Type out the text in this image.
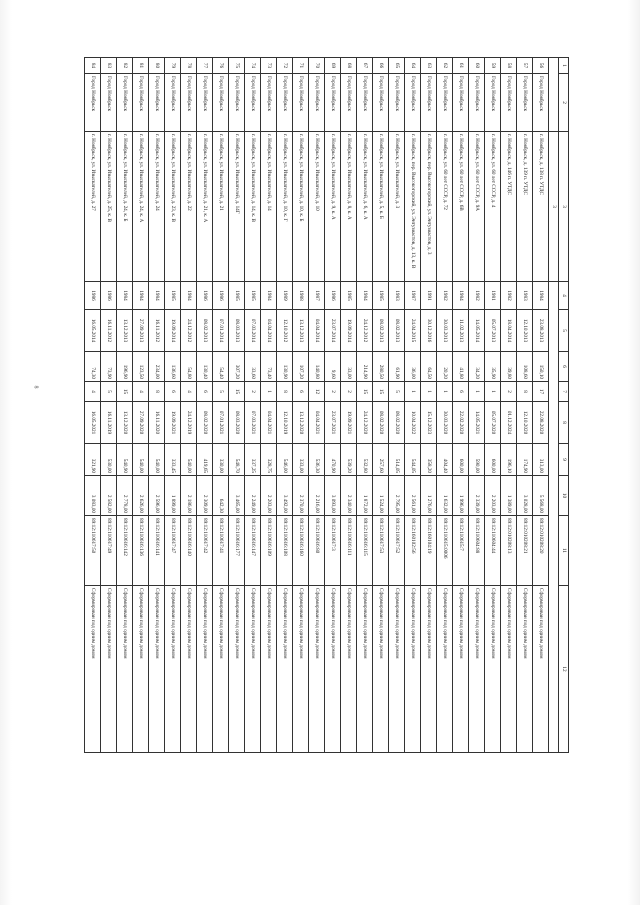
8
1	2	3	4	5	6	7	8	9	10	11	12
		3									
56	Город Ноябрьск	г. Ноябрьск, д. 138 п. УТДС	1984	23.08.2013	150,10	17	22.08.2020	313,00	5 568,00	89:12:010208:20	Сформирован под одним домом
57	Город Ноябрьск	г. Ноябрьск, д. 139 п. УТДС	1983	12.10.2013	108,60	8	12.10.2020	174,90	3 028,00	89:12:010208:21	Сформирован под одним домом
58	Город Ноябрьск	г. Ноябрьск, д. 146 п. УТДС	1982	18.04.2014	39,80	2	01.12.2024	196,10	1 389,00	89:12:010208:13	Сформирован под одним домом
59	Город Ноябрьск	г. Ноябрьск, ул. 60 лет СССР, д. 4	1981	05.07.2013	35,90	1	05.07.2020	600,00	2 203,00	89:12:110604:44	Сформирован под одним домом
60	Город Ноябрьск	г. Ноябрьск, ул. 60 лет СССР, д. 9А	1982	14.05.2014	34,20	1	14.05.2021	590,00	2 339,00	89:12:110604:88	Сформирован под одним домом
61	Город Ноябрьск	г. Ноябрьск, ул. 60 лет СССР, д. 6В	1984	11.02.2013	41,80	6	22.02.2020	600,00	1 996,00	89:12:110615:7	Сформирован под одним домом
62	Город Ноябрьск	г. Ноябрьск, ул. 60 лет СССР, д. 72	1982	30.03.2013	20,20	1	30.03.2020	404,40	1 632,00	89:12:110615:0006	Сформирован под одним домом
63	Город Ноябрьск	г. Ноябрьск, пер. Высокогорский, ул. Энтузиастов, д. 3	1991	30.12.2016	64,50	1	15.12.2023	358,20	1 276,00	89:12:160104:19	Сформирован под одним домом
64	Город Ноябрьск	г. Ноябрьск, пер. Высокогорский, ул. Энтузиастов, д. 13, к. В	1987	24.04.2015	36,00	1	10.04.2022	544,05	2 561,00	89:12:160102:56	Сформирован под одним домом
65	Город Ноябрьск	г. Ноябрьск, ул. Изыскателей, д. 3	1983	08.02.2013	61,90	5	08.02.2020	514,05	2 795,00	89:12:110617:52	Сформирован под одним домом
66	Город Ноябрьск	г. Ноябрьск, ул. Изыскателей, д. 5, к. Б	1985	08.02.2013	280,50	15	08.02.2020	257,60	1 524,00	89:12:110617:53	Сформирован под одним домом
67	Город Ноябрьск	г. Ноябрьск, ул. Изыскателей, д. 6, к. А	1984	24.12.2012	214,90	15	24.12.2020	532,80	1 872,00	89:12:110616:115	Сформирован под одним домом
68	Город Ноябрьск	г. Ноябрьск, ул. Изыскателей, д. 8, к. А	1985	19.09.2014	33,00	2	19.09.2021	539,20	2 340,00	89:12:110616:111	Сформирован под одним домом
69	Город Ноябрьск	г. Ноябрьск, ул. Изыскателей, д. 9, к. А	1986	23.07.2014	9,60	2	23.07.2021	470,90	3 093,00	89:12:110617:3	Сформирован под одним домом
70	Город Ноябрьск	г. Ноябрьск, ул. Изыскателей, д. 10	1987	04.04.2014	140,80	12	04.04.2021	536,30	2 216,00	89:12:110616:80	Сформирован под одним домом
71	Город Ноябрьск	г. Ноябрьск, ул. Изыскателей, д. 10, к. Б	1988	13.12.2013	107,20	6	13.12.2020	333,00	2 370,00	89:12:110616:160	Сформирован под одним домом
72	Город Ноябрьск	г. Ноябрьск, ул. Изыскателей, д. 10, к. Г	1989	12.10.2012	130,90	8	12.10.2019	546,00	3 492,00	89:12:110616:108	Сформирован под одним домом
73	Город Ноябрьск	г. Ноябрьск, ул. Изыскателей, д. 14	1984	04.04.2014	73,40	1	04.04.2021	328,75	2 203,00	89:12:110616:109	Сформирован под одним домом
74	Город Ноябрьск	г. Ноябрьск, ул. Изыскателей, д. 14, к. В	1985	07.03.2014	33,60	2	07.03.2021	337,25	2 249,00	89:12:110616:147	Сформирован под одним домом
75	Город Ноябрьск	г. Ноябрьск, ул. Изыскателей, д. 14Г	1985	08.03.2013	307,20	15	08.03.2020	548,70	3 465,00	89:12:110616:177	Сформирован под одним домом
76	Город Ноябрьск	г. Ноябрьск, ул. Изыскателей, д. 21	1986	07.01.2014	54,40	5	07.01.2021	330,00	642,30	89:12:110617:41	Сформирован под одним домом
77	Город Ноябрьск	г. Ноябрьск, ул. Изыскателей, д. 21, к. А	1986	08.02.2013	130,40	6	08.02.2020	419,65	2 309,00	89:12:110617:42	Сформирован под одним домом
78	Город Ноябрьск	г. Ноябрьск, ул. Изыскателей, д. 22	1984	24.12.2012	54,80	4	24.12.2019	540,00	2 186,00	89:12:110616:140	Сформирован под одним домом
79	Город Ноябрьск	г. Ноябрьск, ул. Изыскателей, д. 23, к. В	1985	19.09.2014	136,60	6	19.09.2021	333,45	1 899,00	89:12:110617:47	Сформирован под одним домом
80	Город Ноябрьск	г. Ноябрьск, ул. Изыскателей, д. 24	1984	16.11.2012	234,00	8	16.11.2020	540,00	2 596,00	89:12:110616:141	Сформирован под одним домом
81	Город Ноябрьск	г. Ноябрьск, ул. Изыскателей, д. 24, к. А	1984	27.09.2013	123,50	4	27.09.2020	540,00	2 626,00	89:12:110616:136	Сформирован под одним домом
82	Город Ноябрьск	г. Ноябрьск, ул. Изыскателей, д. 24, к. Б	1984	13.12.2013	196,90	15	13.12.2020	540,90	2 778,00	89:12:110616:142	Сформирован под одним домом
83	Город Ноябрьск	г. Ноябрьск, ул. Изыскателей, д. 25, к. В	1986	16.11.2012	73,90	5	16.11.2019	530,00	2 582,00	89:12:110617:49	Сформирован под одним домом
84	Город Ноябрьск	г. Ноябрьск, ул. Изыскателей, д. 27	1986	16.05.2014	74,30	4	16.05.2021	321,90	3 083,00	89:12:110617:50	Сформирован под одним домом
